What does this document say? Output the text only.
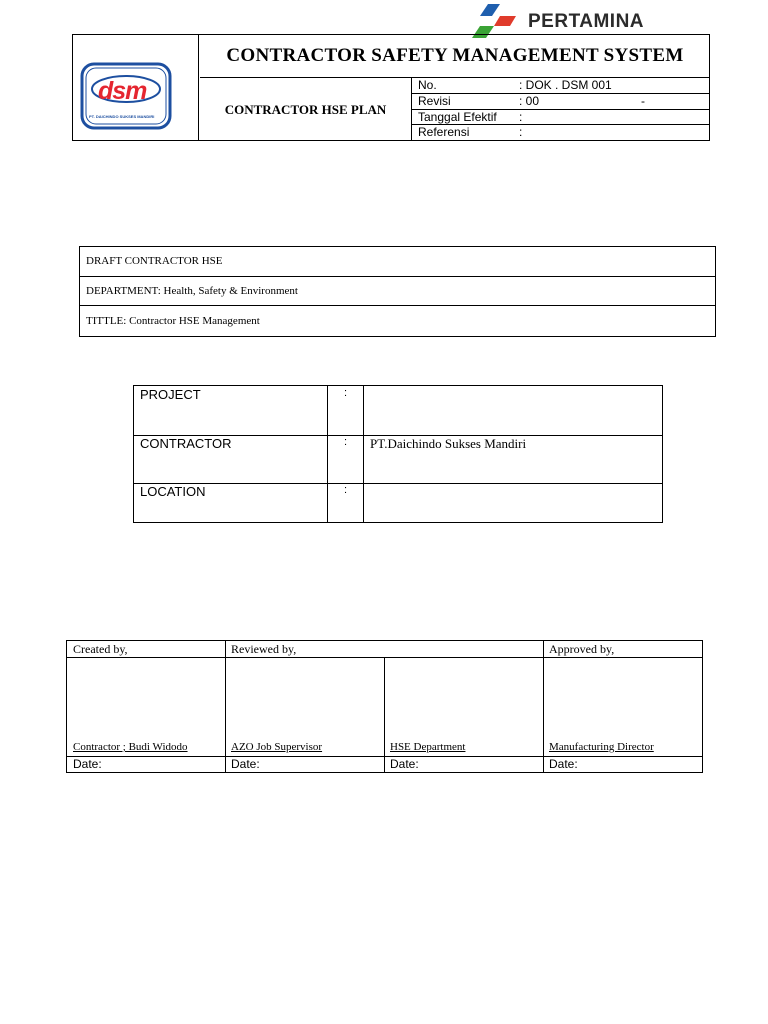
PERTAMINA
dsm
PT. DAICHINDO SUKSES MANDIRI
CONTRACTOR SAFETY MANAGEMENT SYSTEM
CONTRACTOR HSE PLAN
No.	: DOK . DSM 001
Revisi	: 00	-
Tanggal Efektif :
Referensi	:
DRAFT CONTRACTOR HSE
DEPARTMENT: Health, Safety & Environment
TITTLE: Contractor HSE Management
PROJECT	:
CONTRACTOR	: PT.Daichindo Sukses Mandiri
LOCATION	:
Created by,	Reviewed by,	Approved by,
Contractor ; Budi Widodo	AZO Job Supervisor	HSE Department	Manufacturing Director
Date:	Date:	Date:	Date:
